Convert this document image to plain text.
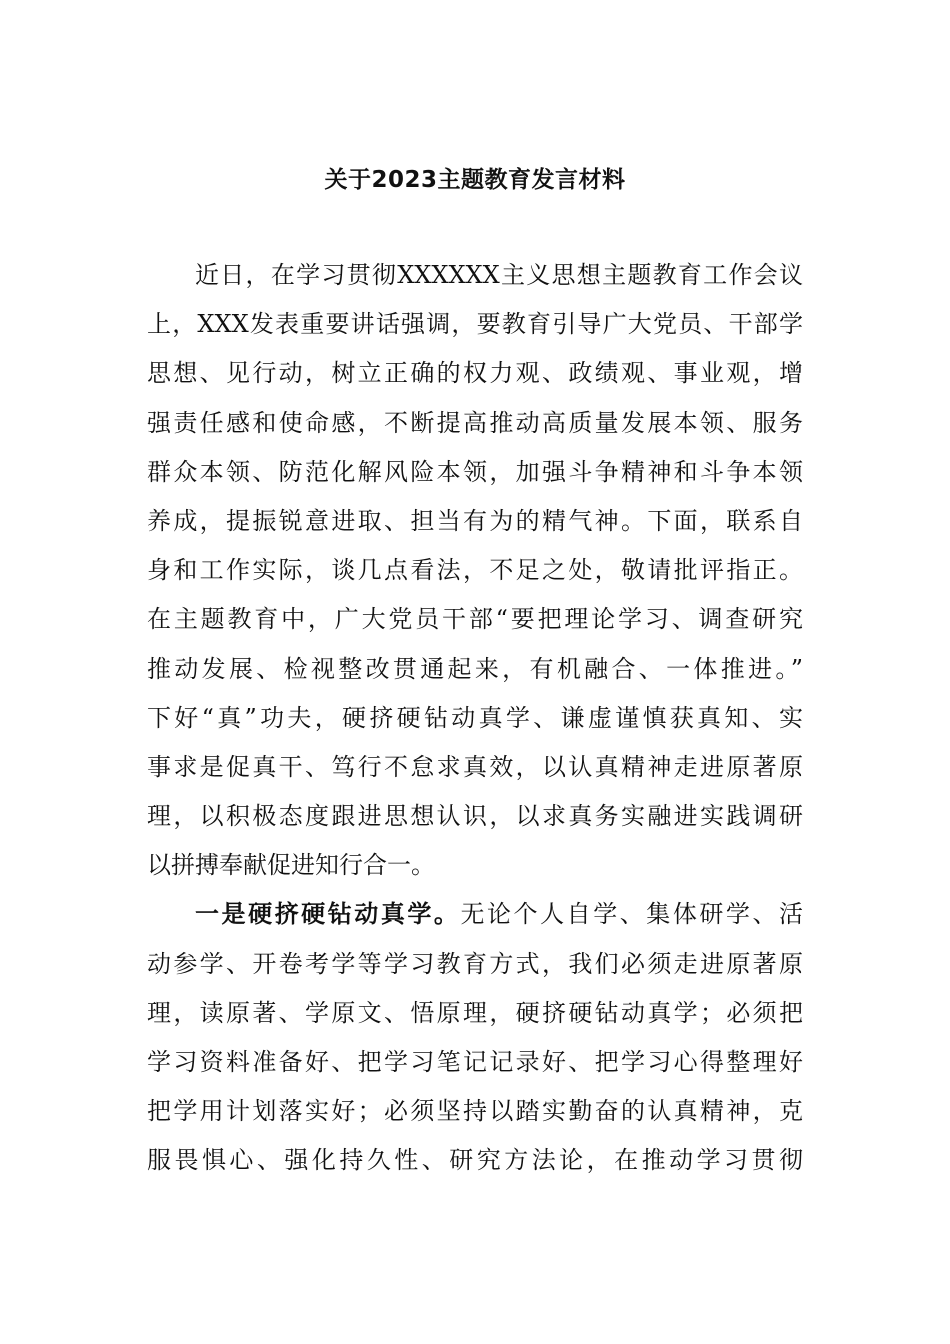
关于2023主题教育发言材料
近日，在学习贯彻XXXXXX主义思想主题教育工作会议
上，XXX发表重要讲话强调，要教育引导广大党员、干部学
思想、见行动，树立正确的权力观、政绩观、事业观，增
强责任感和使命感，不断提高推动高质量发展本领、服务
群众本领、防范化解风险本领，加强斗争精神和斗争本领
养成，提振锐意进取、担当有为的精气神。下面，联系自
身和工作实际，谈几点看法，不足之处，敬请批评指正。
在主题教育中，广大党员干部“要把理论学习、调查研究
推动发展、检视整改贯通起来，有机融合、一体推进。”
下好“真”功夫，硬挤硬钻动真学、谦虚谨慎获真知、实
事求是促真干、笃行不怠求真效，以认真精神走进原著原
理，以积极态度跟进思想认识，以求真务实融进实践调研
以拼搏奉献促进知行合一。
一是硬挤硬钻动真学。无论个人自学、集体研学、活
动参学、开卷考学等学习教育方式，我们必须走进原著原
理，读原著、学原文、悟原理，硬挤硬钻动真学；必须把
学习资料准备好、把学习笔记记录好、把学习心得整理好
把学用计划落实好；必须坚持以踏实勤奋的认真精神，克
服畏惧心、强化持久性、研究方法论，在推动学习贯彻
